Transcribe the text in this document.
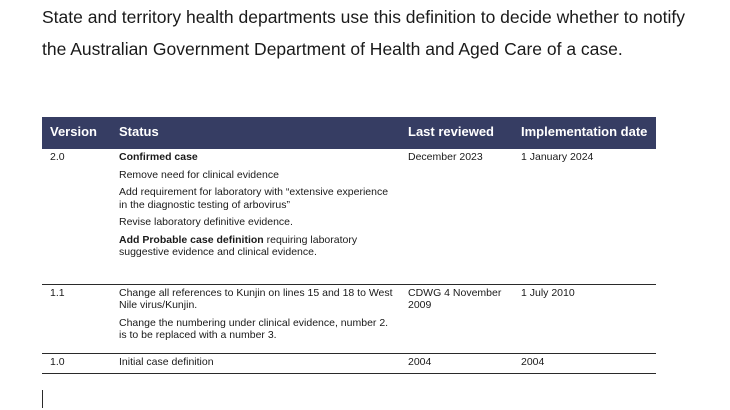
State and territory health departments use this definition to decide whether to notify the Australian Government Department of Health and Aged Care of a case.

Version	Status	Last reviewed	Implementation date
2.0	Confirmed case

Remove need for clinical evidence

Add requirement for laboratory with “extensive experience in the diagnostic testing of arbovirus”

Revise laboratory definitive evidence.

Add Probable case definition requiring laboratory suggestive evidence and clinical evidence.	December 2023	1 January 2024
1.1	Change all references to Kunjin on lines 15 and 18 to West Nile virus/Kunjin.

Change the numbering under clinical evidence, number 2. is to be replaced with a number 3.	CDWG 4 November 2009	1 July 2010
1.0	Initial case definition	2004	2004
